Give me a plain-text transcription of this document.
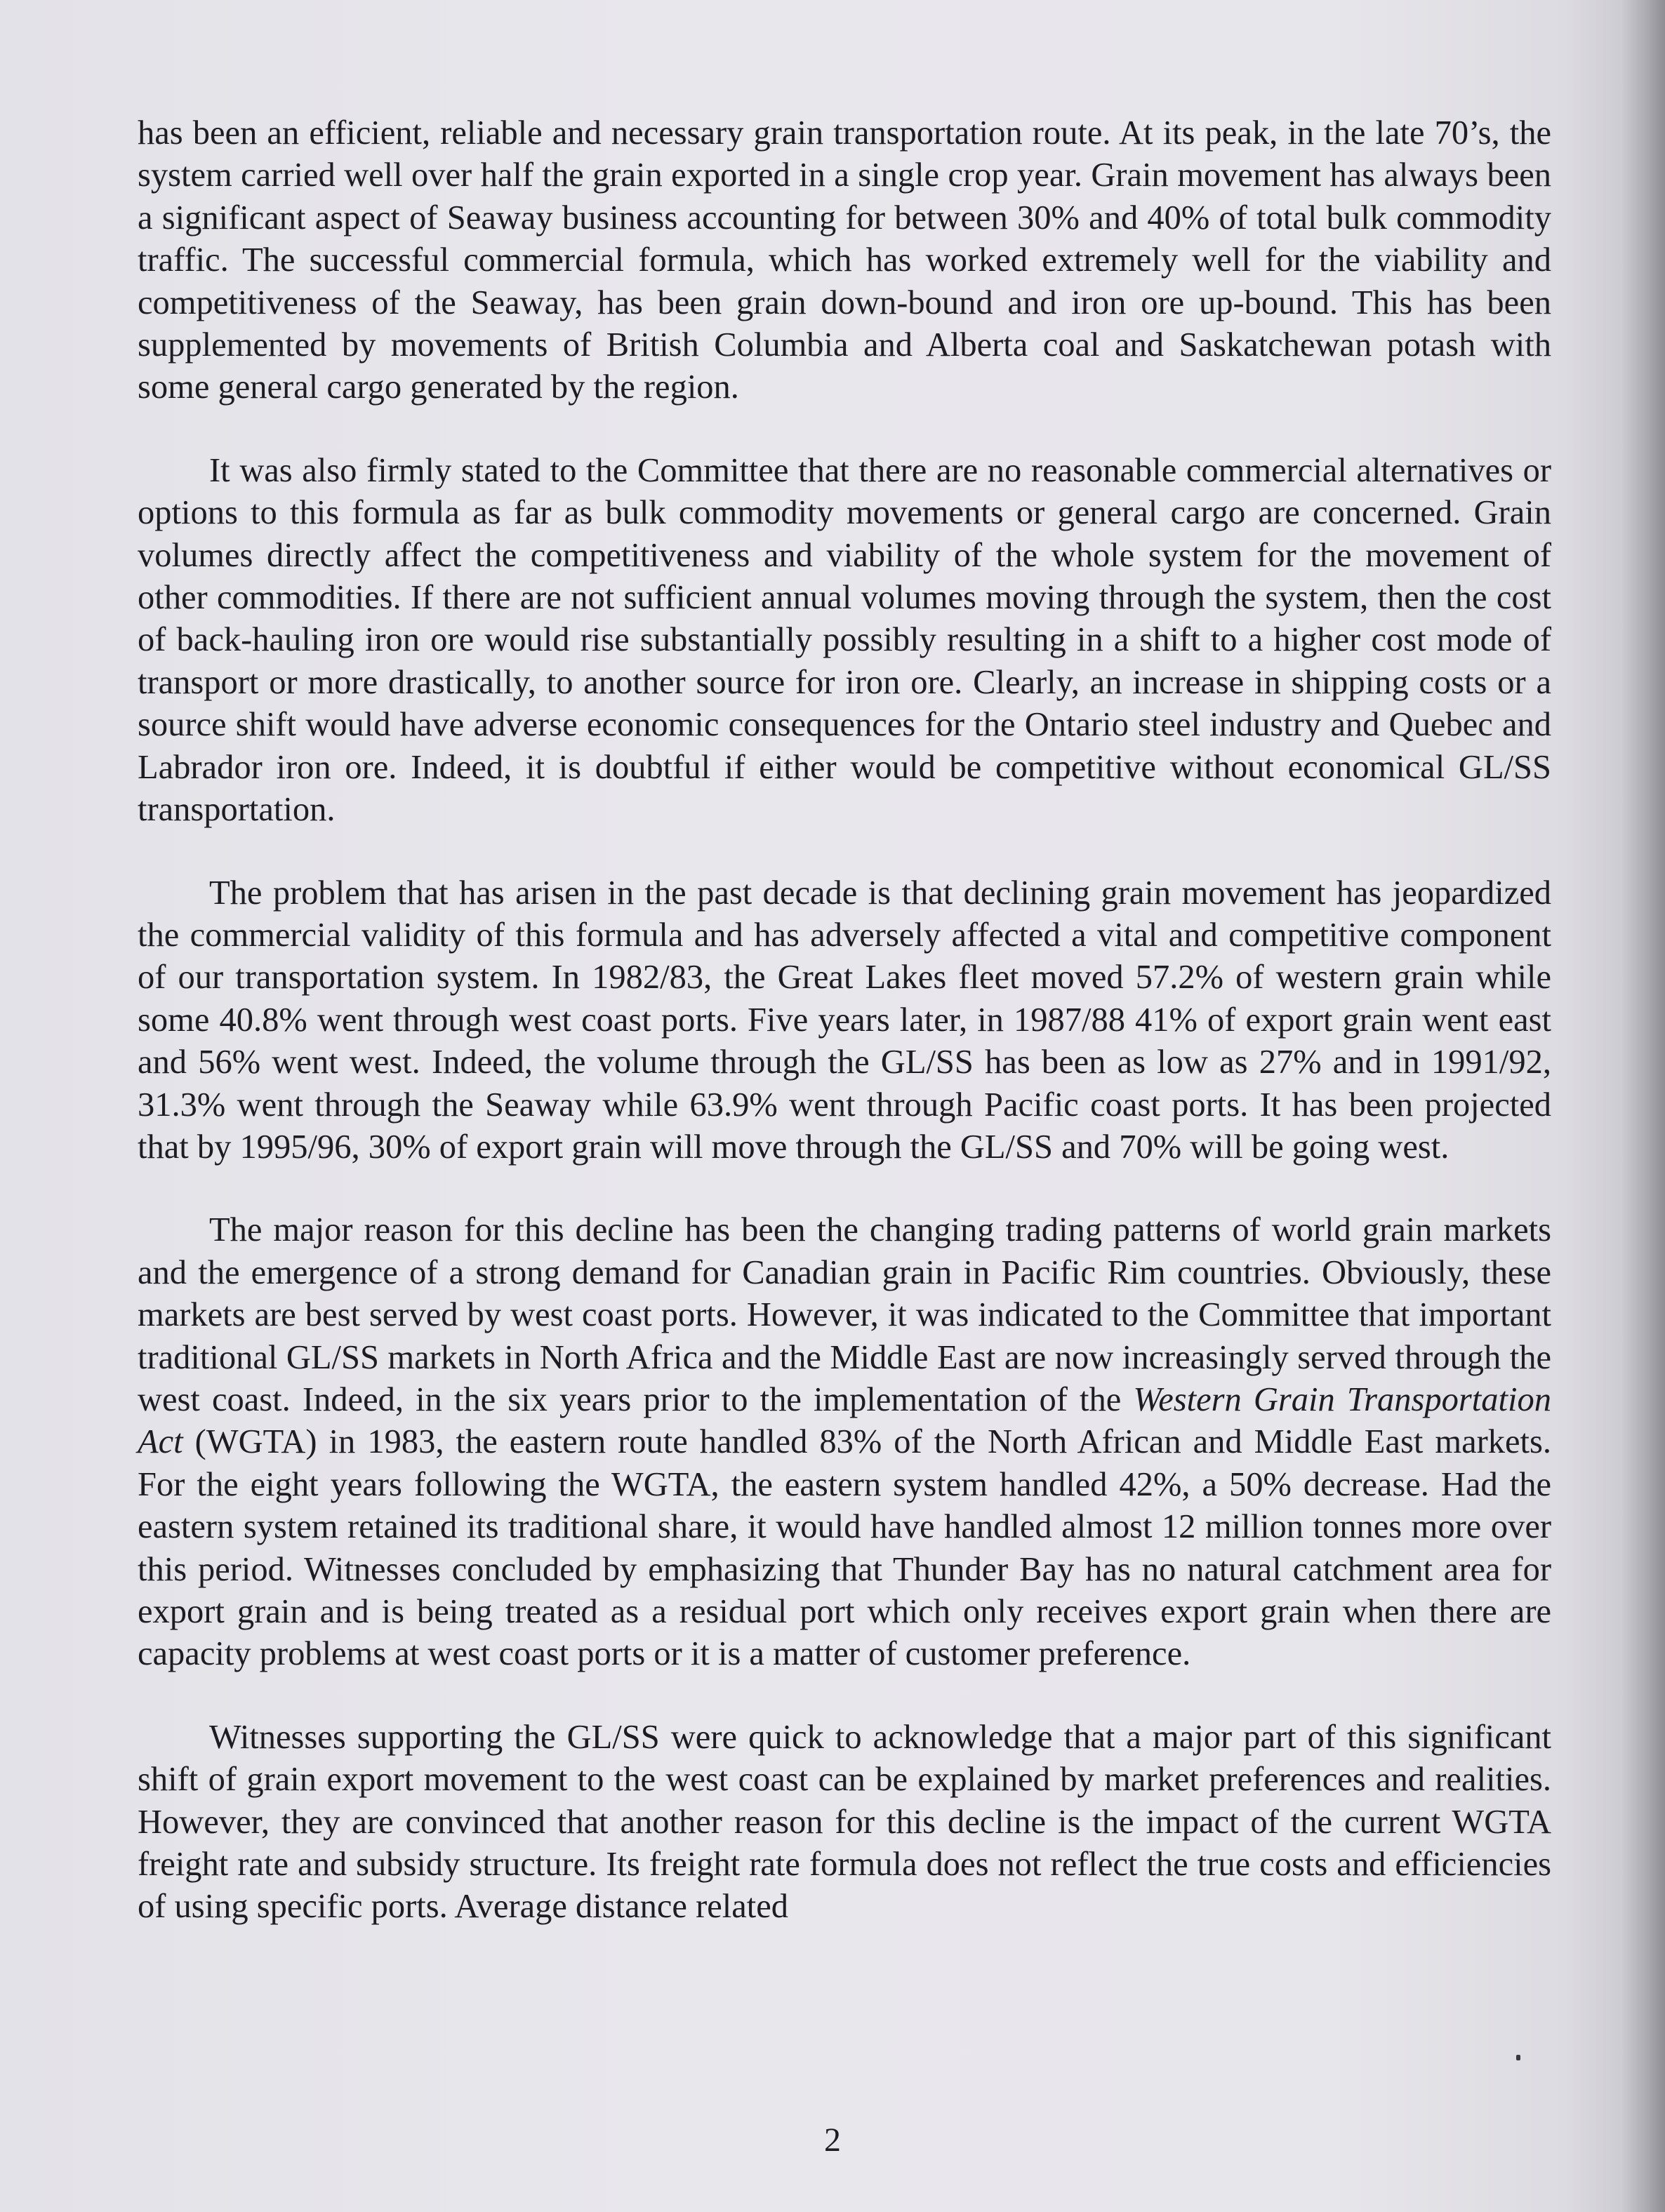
has been an efficient, reliable and necessary grain transportation route. At its peak, in the late 70’s, the system carried well over half the grain exported in a single crop year. Grain movement has always been a significant aspect of Seaway business accounting for between 30% and 40% of total bulk commodity traffic. The successful commercial formula, which has worked extremely well for the viability and competitiveness of the Seaway, has been grain down-bound and iron ore up-bound. This has been supplemented by movements of British Columbia and Alberta coal and Saskatchewan potash with some general cargo generated by the region.

It was also firmly stated to the Committee that there are no reasonable commercial alternatives or options to this formula as far as bulk commodity movements or general cargo are concerned. Grain volumes directly affect the competitiveness and viability of the whole system for the movement of other commodities. If there are not sufficient annual volumes moving through the system, then the cost of back-hauling iron ore would rise substantially possibly resulting in a shift to a higher cost mode of transport or more drastically, to another source for iron ore. Clearly, an increase in shipping costs or a source shift would have adverse economic consequences for the Ontario steel industry and Quebec and Labrador iron ore. Indeed, it is doubtful if either would be competitive without economical GL/SS transportation.

The problem that has arisen in the past decade is that declining grain movement has jeopardized the commercial validity of this formula and has adversely affected a vital and competitive component of our transportation system. In 1982/83, the Great Lakes fleet moved 57.2% of western grain while some 40.8% went through west coast ports. Five years later, in 1987/88 41% of export grain went east and 56% went west. Indeed, the volume through the GL/SS has been as low as 27% and in 1991/92, 31.3% went through the Seaway while 63.9% went through Pacific coast ports. It has been projected that by 1995/96, 30% of export grain will move through the GL/SS and 70% will be going west.

The major reason for this decline has been the changing trading patterns of world grain markets and the emergence of a strong demand for Canadian grain in Pacific Rim countries. Obviously, these markets are best served by west coast ports. However, it was indicated to the Committee that important traditional GL/SS markets in North Africa and the Middle East are now increasingly served through the west coast. Indeed, in the six years prior to the implementation of the Western Grain Transportation Act (WGTA) in 1983, the eastern route handled 83% of the North African and Middle East markets. For the eight years following the WGTA, the eastern system handled 42%, a 50% decrease. Had the eastern system retained its traditional share, it would have handled almost 12 million tonnes more over this period. Witnesses concluded by emphasizing that Thunder Bay has no natural catchment area for export grain and is being treated as a residual port which only receives export grain when there are capacity problems at west coast ports or it is a matter of customer preference.

Witnesses supporting the GL/SS were quick to acknowledge that a major part of this significant shift of grain export movement to the west coast can be explained by market preferences and realities. However, they are convinced that another reason for this decline is the impact of the current WGTA freight rate and subsidy structure. Its freight rate formula does not reflect the true costs and efficiencies of using specific ports. Average distance related

2
